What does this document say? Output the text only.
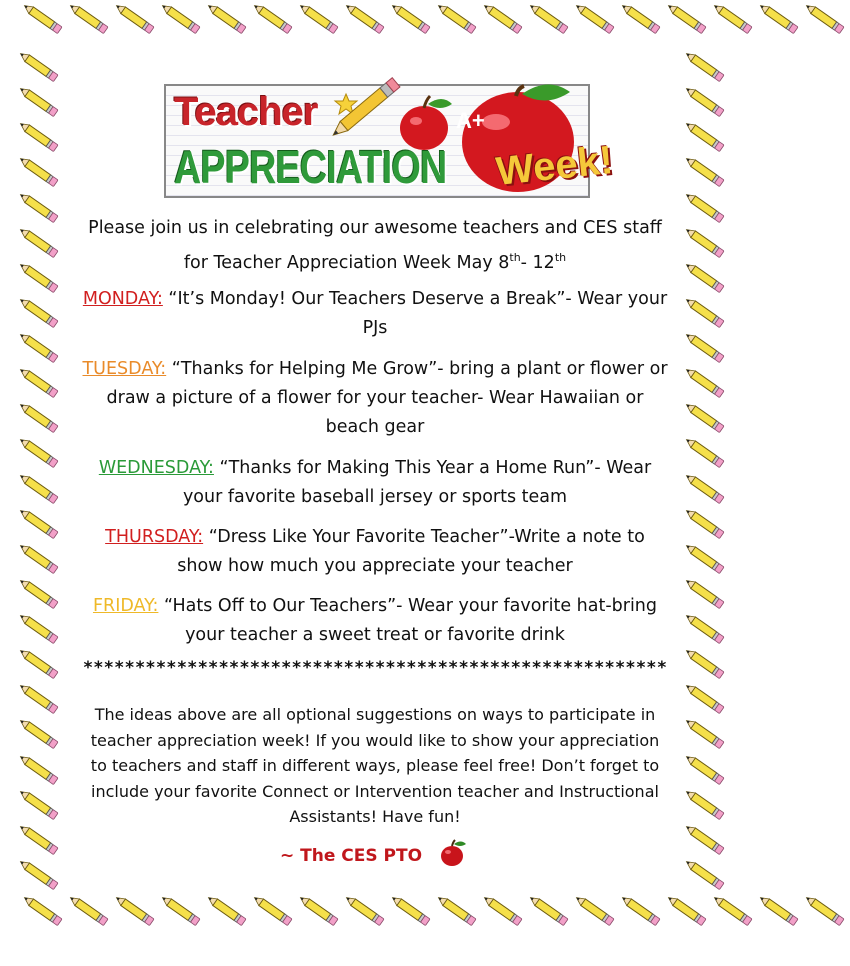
Teacher	A+
APPRECIATION Week!
Please join us in celebrating our awesome teachers and CES staff for Teacher Appreciation Week May 8th- 12th
MONDAY: “It’s Monday! Our Teachers Deserve a Break”- Wear your PJs
TUESDAY: “Thanks for Helping Me Grow”- bring a plant or flower or draw a picture of a flower for your teacher- Wear Hawaiian or beach gear
WEDNESDAY: “Thanks for Making This Year a Home Run”- Wear your favorite baseball jersey or sports team
THURSDAY: “Dress Like Your Favorite Teacher”-Write a note to show how much you appreciate your teacher
FRIDAY: “Hats Off to Our Teachers”- Wear your favorite hat-bring your teacher a sweet treat or favorite drink
********************************************************
The ideas above are all optional suggestions on ways to participate in teacher appreciation week! If you would like to show your appreciation to teachers and staff in different ways, please feel free! Don’t forget to include your favorite Connect or Intervention teacher and Instructional Assistants! Have fun!
~ The CES PTO
